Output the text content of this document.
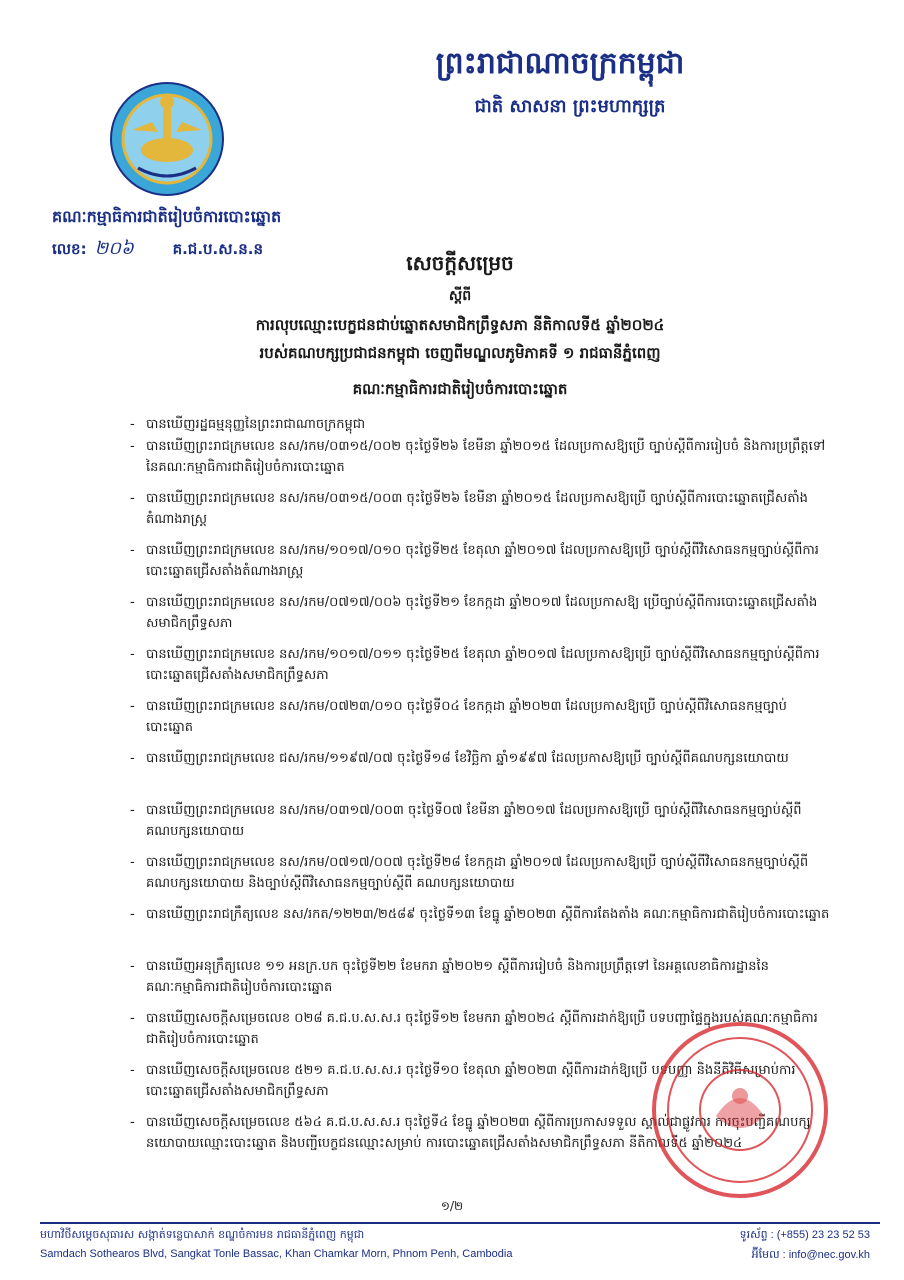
ព្រះរាជាណាចក្រកម្ពុជា
ជាតិ សាសនា ព្រះមហាក្សត្រ
គណៈកម្មាធិការជាតិរៀបចំការបោះឆ្នោត
លេខ: ២០៦	គ.ជ.ប.ស.ន.ន
សេចក្តីសម្រេច
ស្តីពី
ការលុបឈ្មោះបេក្ខជនជាប់ឆ្នោតសមាជិកព្រឹទ្ធសភា នីតិកាលទី៥ ឆ្នាំ២០២៤
របស់គណបក្សប្រជាជនកម្ពុជា ចេញពីមណ្ឌលភូមិភាគទី ១ រាជធានីភ្នំពេញ
គណៈកម្មាធិការជាតិរៀបចំការបោះឆ្នោត
- បានឃើញរដ្ឋធម្មនុញ្ញនៃព្រះរាជាណាចក្រកម្ពុជា
- បានឃើញព្រះរាជក្រមលេខ នស/រកម/០៣១៥/០០២ ចុះថ្ងៃទី២៦ ខែមីនា ឆ្នាំ២០១៥ ដែលប្រកាសឱ្យប្រើ ច្បាប់ស្តីពីការរៀបចំ និងការប្រព្រឹត្តទៅនៃគណៈកម្មាធិការជាតិរៀបចំការបោះឆ្នោត
- បានឃើញព្រះរាជក្រមលេខ នស/រកម/០៣១៥/០០៣ ចុះថ្ងៃទី២៦ ខែមីនា ឆ្នាំ២០១៥ ដែលប្រកាសឱ្យប្រើ ច្បាប់ស្តីពីការបោះឆ្នោតជ្រើសតាំងតំណាងរាស្ត្រ
- បានឃើញព្រះរាជក្រមលេខ នស/រកម/១០១៧/០១០ ចុះថ្ងៃទី២៥ ខែតុលា ឆ្នាំ២០១៧ ដែលប្រកាសឱ្យប្រើ ច្បាប់ស្តីពីវិសោធនកម្មច្បាប់ស្តីពីការបោះឆ្នោតជ្រើសតាំងតំណាងរាស្ត្រ
- បានឃើញព្រះរាជក្រមលេខ នស/រកម/០៧១៧/០០៦ ចុះថ្ងៃទី២១ ខែកក្កដា ឆ្នាំ២០១៧ ដែលប្រកាសឱ្យ ប្រើច្បាប់ស្តីពីការបោះឆ្នោតជ្រើសតាំងសមាជិកព្រឹទ្ធសភា
- បានឃើញព្រះរាជក្រមលេខ នស/រកម/១០១៧/០១១ ចុះថ្ងៃទី២៥ ខែតុលា ឆ្នាំ២០១៧ ដែលប្រកាសឱ្យប្រើ ច្បាប់ស្តីពីវិសោធនកម្មច្បាប់ស្តីពីការបោះឆ្នោតជ្រើសតាំងសមាជិកព្រឹទ្ធសភា
- បានឃើញព្រះរាជក្រមលេខ នស/រកម/០៧២៣/០១០ ចុះថ្ងៃទី០៤ ខែកក្កដា ឆ្នាំ២០២៣ ដែលប្រកាសឱ្យប្រើ ច្បាប់ស្តីពីវិសោធនកម្មច្បាប់បោះឆ្នោត
- បានឃើញព្រះរាជក្រមលេខ ជស/រកម/១១៩៧/០៧ ចុះថ្ងៃទី១៨ ខែវិច្ឆិកា ឆ្នាំ១៩៩៧ ដែលប្រកាសឱ្យប្រើ ច្បាប់ស្តីពីគណបក្សនយោបាយ
- បានឃើញព្រះរាជក្រមលេខ នស/រកម/០៣១៧/០០៣ ចុះថ្ងៃទី០៧ ខែមីនា ឆ្នាំ២០១៧ ដែលប្រកាសឱ្យប្រើ ច្បាប់ស្តីពីវិសោធនកម្មច្បាប់ស្តីពីគណបក្សនយោបាយ
- បានឃើញព្រះរាជក្រមលេខ នស/រកម/០៧១៧/០០៧ ចុះថ្ងៃទី២៨ ខែកក្កដា ឆ្នាំ២០១៧ ដែលប្រកាសឱ្យប្រើ ច្បាប់ស្តីពីវិសោធនកម្មច្បាប់ស្តីពីគណបក្សនយោបាយ និងច្បាប់ស្តីពីវិសោធនកម្មច្បាប់ស្តីពី គណបក្សនយោបាយ
- បានឃើញព្រះរាជក្រឹត្យលេខ នស/រកត/១២២៣/២៥៨៩ ចុះថ្ងៃទី១៣ ខែធ្នូ ឆ្នាំ២០២៣ ស្តីពីការតែងតាំង គណៈកម្មាធិការជាតិរៀបចំការបោះឆ្នោត
- បានឃើញអនុក្រឹត្យលេខ ១១ អនក្រ.បក ចុះថ្ងៃទី២២ ខែមករា ឆ្នាំ២០២១ ស្តីពីការរៀបចំ និងការប្រព្រឹត្តទៅ នៃអគ្គលេខាធិការដ្ឋាននៃគណៈកម្មាធិការជាតិរៀបចំការបោះឆ្នោត
- បានឃើញសេចក្តីសម្រេចលេខ ០២៨ គ.ជ.ប.ស.ស.រ ចុះថ្ងៃទី១២ ខែមករា ឆ្នាំ២០២៤ ស្តីពីការដាក់ឱ្យប្រើ បទបញ្ជាផ្ទៃក្នុងរបស់គណៈកម្មាធិការជាតិរៀបចំការបោះឆ្នោត
- បានឃើញសេចក្តីសម្រេចលេខ ៥២១ គ.ជ.ប.ស.ស.រ ចុះថ្ងៃទី១០ ខែតុលា ឆ្នាំ២០២៣ ស្តីពីការដាក់ឱ្យប្រើ បទបញ្ញា និងនីតិវិធីសម្រាប់ការបោះឆ្នោតជ្រើសតាំងសមាជិកព្រឹទ្ធសភា
- បានឃើញសេចក្តីសម្រេចលេខ ៥៦៤ គ.ជ.ប.ស.ស.រ ចុះថ្ងៃទី៤ ខែធ្នូ ឆ្នាំ២០២៣ ស្តីពីការប្រកាសទទួល ស្គាល់ជាផ្លូវការ ការចុះបញ្ជីគណបក្សនយោបាយឈ្មោះបោះឆ្នោត និងបញ្ជីបេក្ខជនឈ្មោះសម្រាប់ ការបោះឆ្នោតជ្រើសតាំងសមាជិកព្រឹទ្ធសភា នីតិកាលទី៥ ឆ្នាំ២០២៤
១/២
មហាវិថីសម្តេចសុធារស សង្កាត់ទន្លេបាសាក់ ខណ្ឌចំការមន រាជធានីភ្នំពេញ កម្ពុជា
Samdach Sothearos Blvd, Sangkat Tonle Bassac, Khan Chamkar Morn, Phnom Penh, Cambodia
ទូរស័ព្ទ : (+855) 23 23 52 53
អ៊ីមែល : info@nec.gov.kh
